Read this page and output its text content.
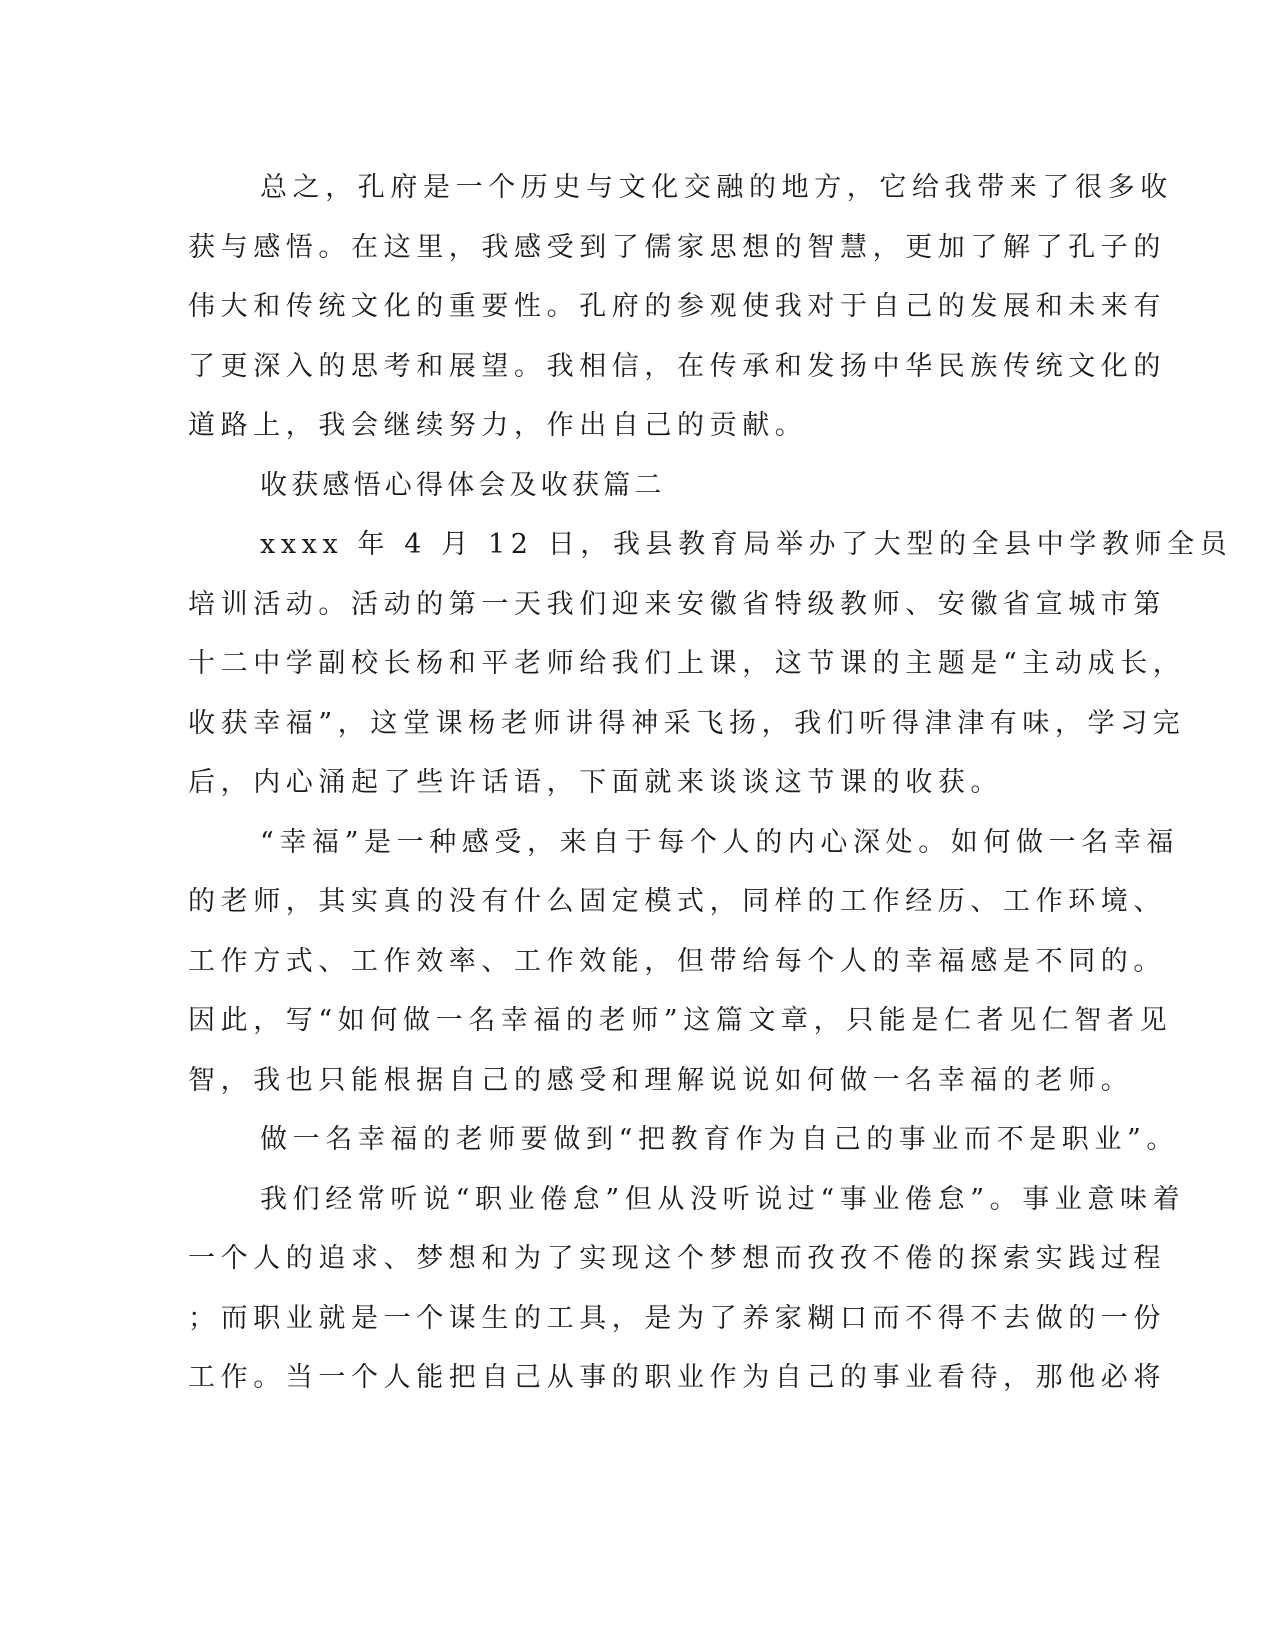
总之，孔府是一个历史与文化交融的地方，它给我带来了很多收
获与感悟。在这里，我感受到了儒家思想的智慧，更加了解了孔子的
伟大和传统文化的重要性。孔府的参观使我对于自己的发展和未来有
了更深入的思考和展望。我相信，在传承和发扬中华民族传统文化的
道路上，我会继续努力，作出自己的贡献。
收获感悟心得体会及收获篇二
xxxx 年 4 月 12 日，我县教育局举办了大型的全县中学教师全员
培训活动。活动的第一天我们迎来安徽省特级教师、安徽省宣城市第
十二中学副校长杨和平老师给我们上课，这节课的主题是“主动成长，
收获幸福”，这堂课杨老师讲得神采飞扬，我们听得津津有味，学习完
后，内心涌起了些许话语，下面就来谈谈这节课的收获。
“幸福”是一种感受，来自于每个人的内心深处。如何做一名幸福
的老师，其实真的没有什么固定模式，同样的工作经历、工作环境、
工作方式、工作效率、工作效能，但带给每个人的幸福感是不同的。
因此，写“如何做一名幸福的老师”这篇文章，只能是仁者见仁智者见
智，我也只能根据自己的感受和理解说说如何做一名幸福的老师。
做一名幸福的老师要做到“把教育作为自己的事业而不是职业”。
我们经常听说“职业倦怠”但从没听说过“事业倦怠”。事业意味着
一个人的追求、梦想和为了实现这个梦想而孜孜不倦的探索实践过程
；而职业就是一个谋生的工具，是为了养家糊口而不得不去做的一份
工作。当一个人能把自己从事的职业作为自己的事业看待，那他必将
